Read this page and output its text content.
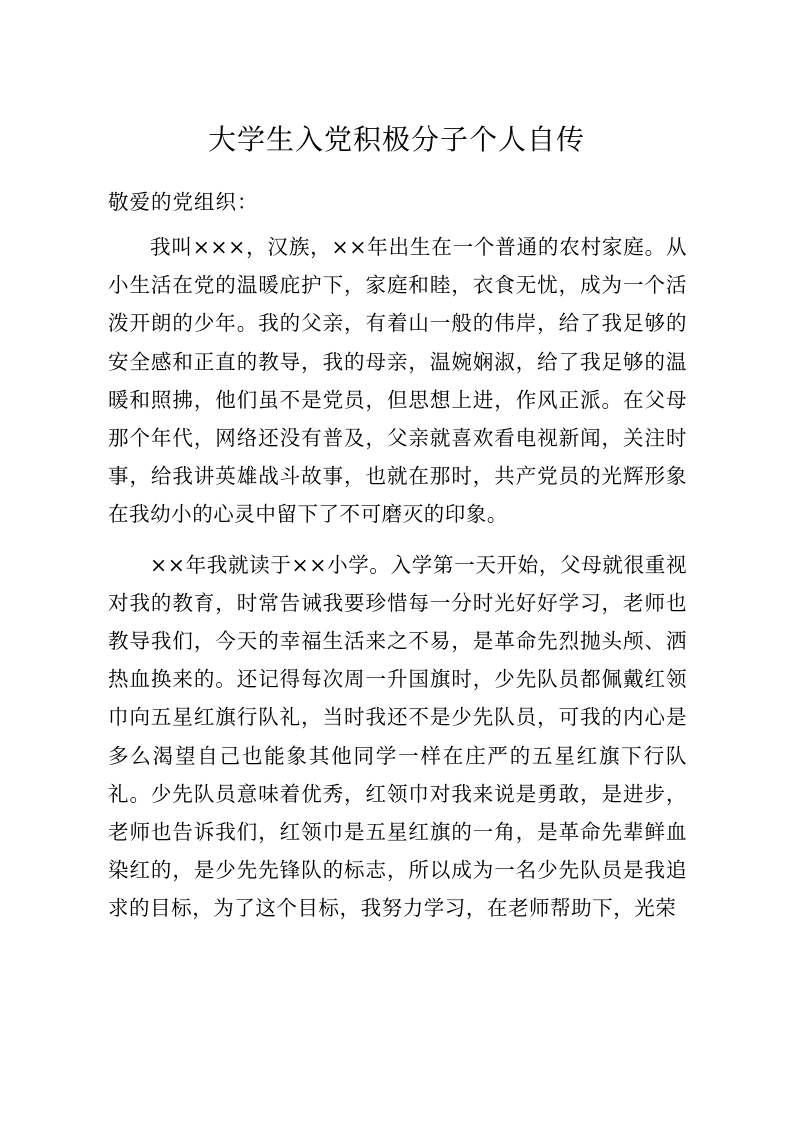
大学生入党积极分子个人自传

敬爱的党组织：

我叫×××，汉族，××年出生在一个普通的农村家庭。从小生活在党的温暖庇护下，家庭和睦，衣食无忧，成为一个活泼开朗的少年。我的父亲，有着山一般的伟岸，给了我足够的安全感和正直的教导，我的母亲，温婉娴淑，给了我足够的温暖和照拂，他们虽不是党员，但思想上进，作风正派。在父母那个年代，网络还没有普及，父亲就喜欢看电视新闻，关注时事，给我讲英雄战斗故事，也就在那时，共产党员的光辉形象在我幼小的心灵中留下了不可磨灭的印象。

××年我就读于××小学。入学第一天开始，父母就很重视对我的教育，时常告诫我要珍惜每一分时光好好学习，老师也教导我们，今天的幸福生活来之不易，是革命先烈抛头颅、洒热血换来的。还记得每次周一升国旗时，少先队员都佩戴红领巾向五星红旗行队礼，当时我还不是少先队员，可我的内心是多么渴望自己也能象其他同学一样在庄严的五星红旗下行队礼。少先队员意味着优秀，红领巾对我来说是勇敢，是进步，老师也告诉我们，红领巾是五星红旗的一角，是革命先辈鲜血染红的，是少先先锋队的标志，所以成为一名少先队员是我追求的目标，为了这个目标，我努力学习，在老师帮助下，光荣
